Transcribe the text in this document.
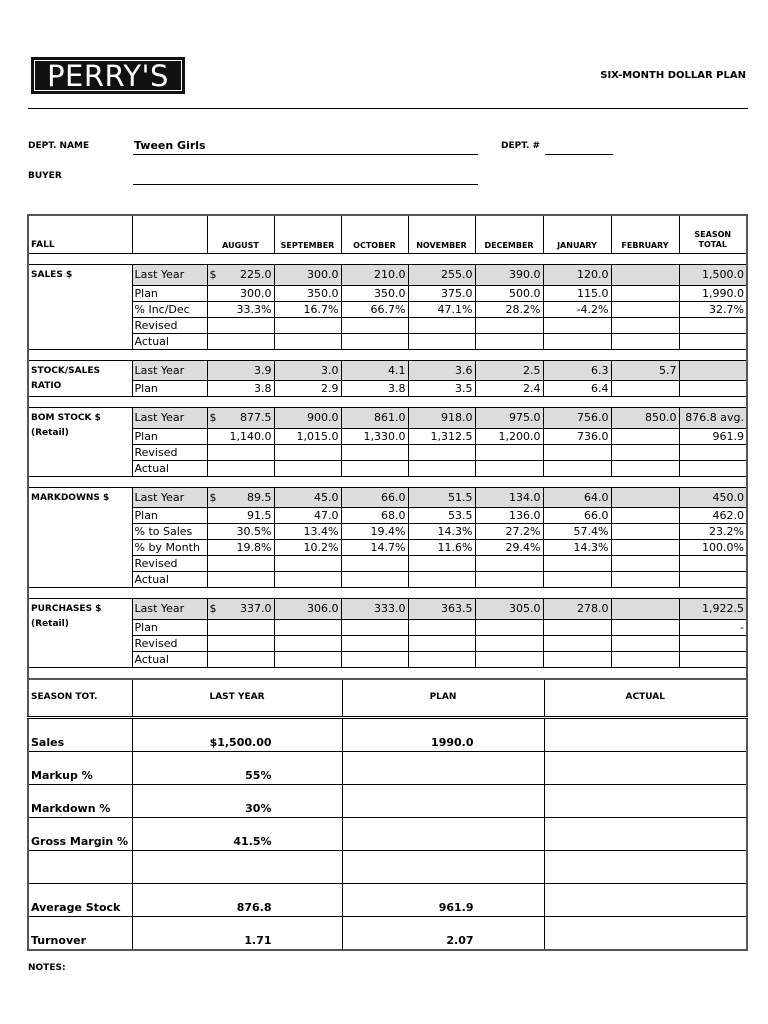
PERRY'S	SIX-MONTH DOLLAR PLAN
DEPT. NAME	Tween Girls	DEPT. #
BUYER
FALL		AUGUST	SEPTEMBER	OCTOBER	NOVEMBER	DECEMBER	JANUARY	FEBRUARY	SEASON TOTAL

SALES $	Last Year	$ 225.0	300.0	210.0	255.0	390.0	120.0		1,500.0
	Plan	300.0	350.0	350.0	375.0	500.0	115.0		1,990.0
	% Inc/Dec	33.3%	16.7%	66.7%	47.1%	28.2%	-4.2%		32.7%
	Revised								
	Actual								

STOCK/SALES	Last Year	3.9	3.0	4.1	3.6	2.5	6.3	5.7	
RATIO	Plan	3.8	2.9	3.8	3.5	2.4	6.4		

BOM STOCK $	Last Year	$ 877.5	900.0	861.0	918.0	975.0	756.0	850.0	876.8 avg.
(Retail)	Plan	1,140.0	1,015.0	1,330.0	1,312.5	1,200.0	736.0		961.9
	Revised								
	Actual								

MARKDOWNS $	Last Year	$ 89.5	45.0	66.0	51.5	134.0	64.0		450.0
	Plan	91.5	47.0	68.0	53.5	136.0	66.0		462.0
	% to Sales	30.5%	13.4%	19.4%	14.3%	27.2%	57.4%		23.2%
	% by Month	19.8%	10.2%	14.7%	11.6%	29.4%	14.3%		100.0%
	Revised								
	Actual								

PURCHASES $	Last Year	$ 337.0	306.0	333.0	363.5	305.0	278.0		1,922.5
(Retail)	Plan								-
	Revised								
	Actual								

SEASON TOT.	LAST YEAR	PLAN	ACTUAL
Sales	$1,500.00	1990.0	
Markup %	55%		
Markdown %	30%		
Gross Margin %	41.5%		

Average Stock	876.8	961.9	
Turnover	1.71	2.07	
NOTES:
